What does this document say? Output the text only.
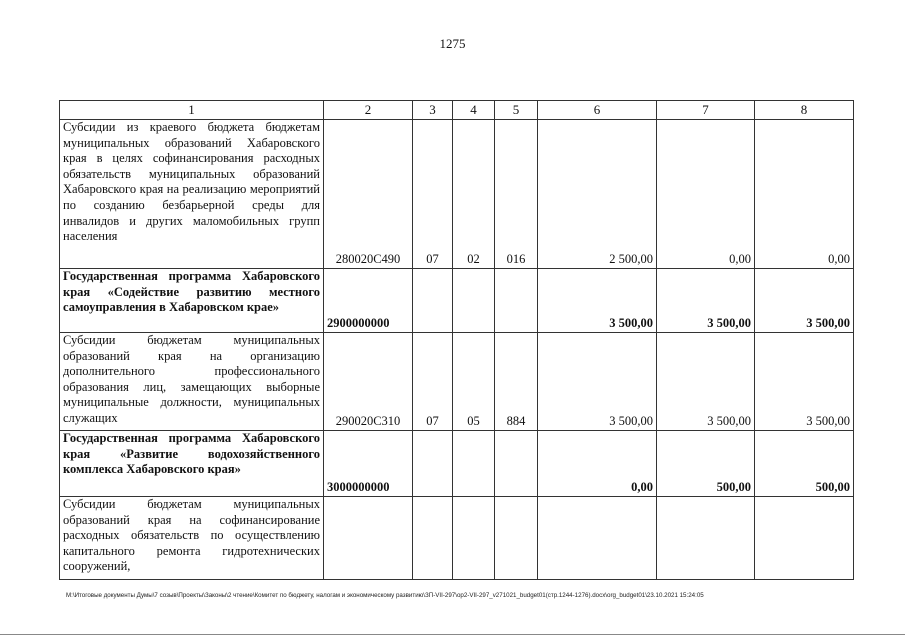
1275
1	2	3	4	5	6	7	8
Субсидии из краевого бюджета бюджетам муниципальных образований Хабаровского края в целях софинансирования расходных обязательств муниципальных образований Хабаровского края на реализацию мероприятий по созданию безбарьерной среды для инвалидов и других маломобильных групп населения	280020С490	07	02	016	2 500,00	0,00	0,00
Государственная программа Хабаровского края «Содействие развитию местного самоуправления в Хабаровском крае»	2900000000				3 500,00	3 500,00	3 500,00
Субсидии бюджетам муниципальных образований края на организацию дополнительного профессионального образования лиц, замещающих выборные муниципальные должности, муниципальных служащих	290020С310	07	05	884	3 500,00	3 500,00	3 500,00
Государственная программа Хабаровского края «Развитие водохозяйственного комплекса Хабаровского края»	3000000000				0,00	500,00	500,00
Субсидии бюджетам муниципальных образований края на софинансирование расходных обязательств по осуществлению капитального ремонта гидротехнических сооружений,							
М:\Итоговые документы Думы\7 созыв\Проекты\Законы\2 чтение\Комитет по бюджету, налогам и экономическому развитию\ЗП-VII-297\ор2-VII-297_v271021_budget01(стр.1244-1276).docx\org_budget01\23.10.2021 15:24:05
